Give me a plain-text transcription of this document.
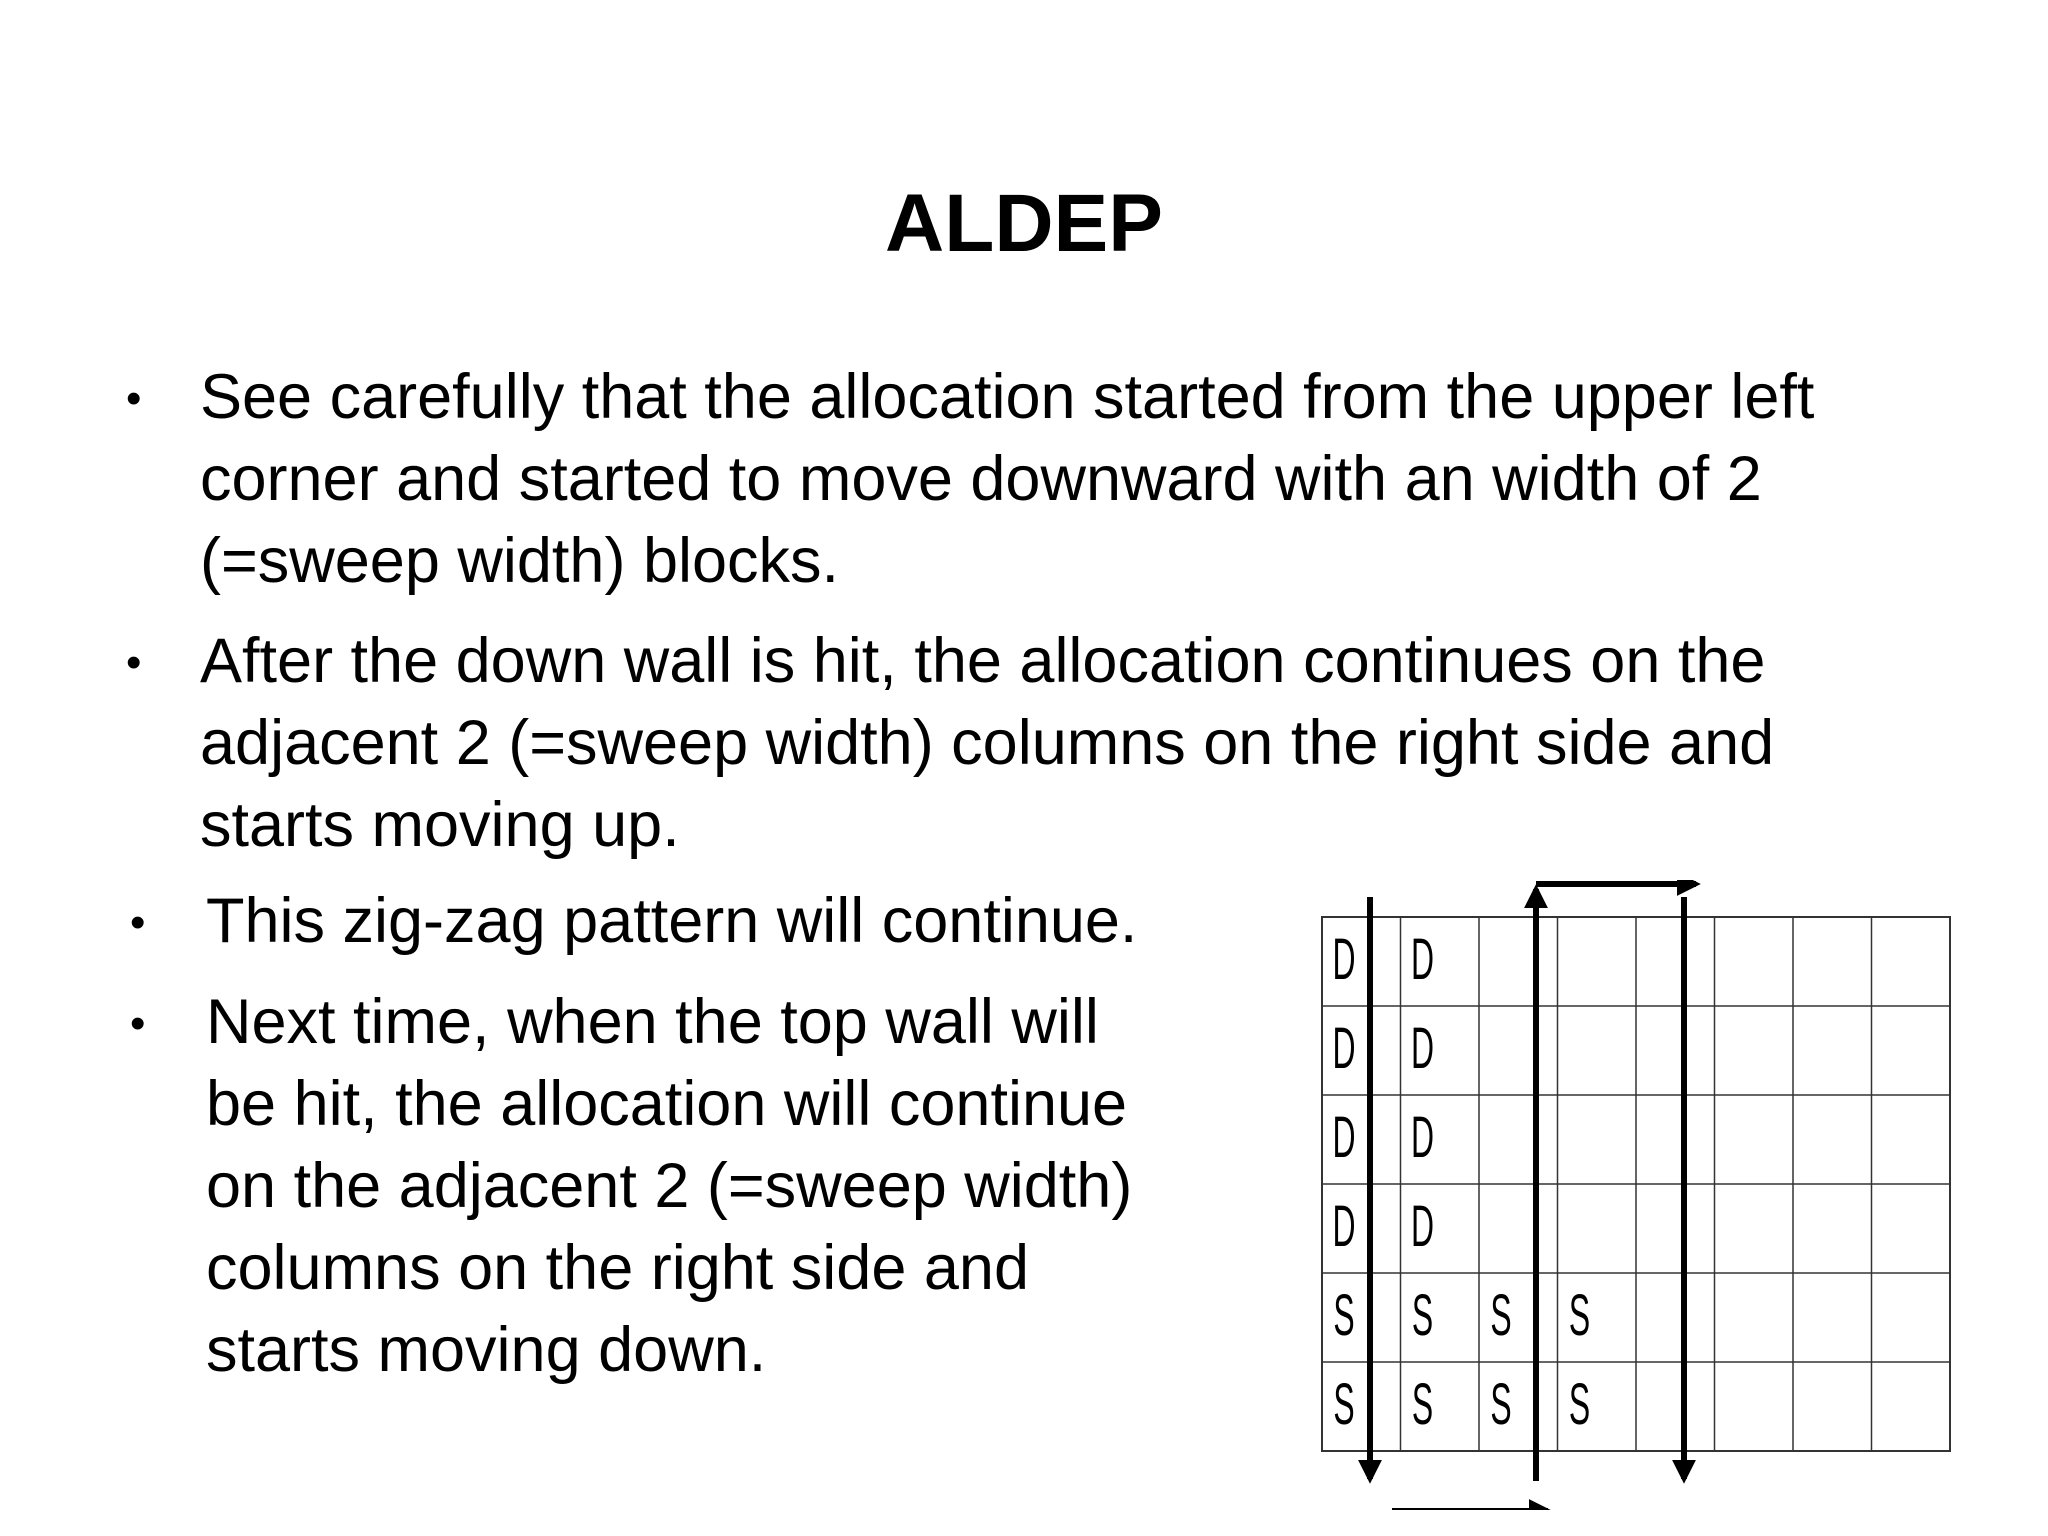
ALDEP
• See carefully that the allocation started from the upper left
corner and started to move downward with an width of 2
(=sweep width) blocks.
• After the down wall is hit, the allocation continues on the
adjacent 2 (=sweep width) columns on the right side and
starts moving up.
• This zig-zag pattern will continue.
• Next time, when the top wall will
be hit, the allocation will continue
on the adjacent 2 (=sweep width)
columns on the right side and
starts moving down.
D D
D D
D D
D D
S S S S
S S S S
